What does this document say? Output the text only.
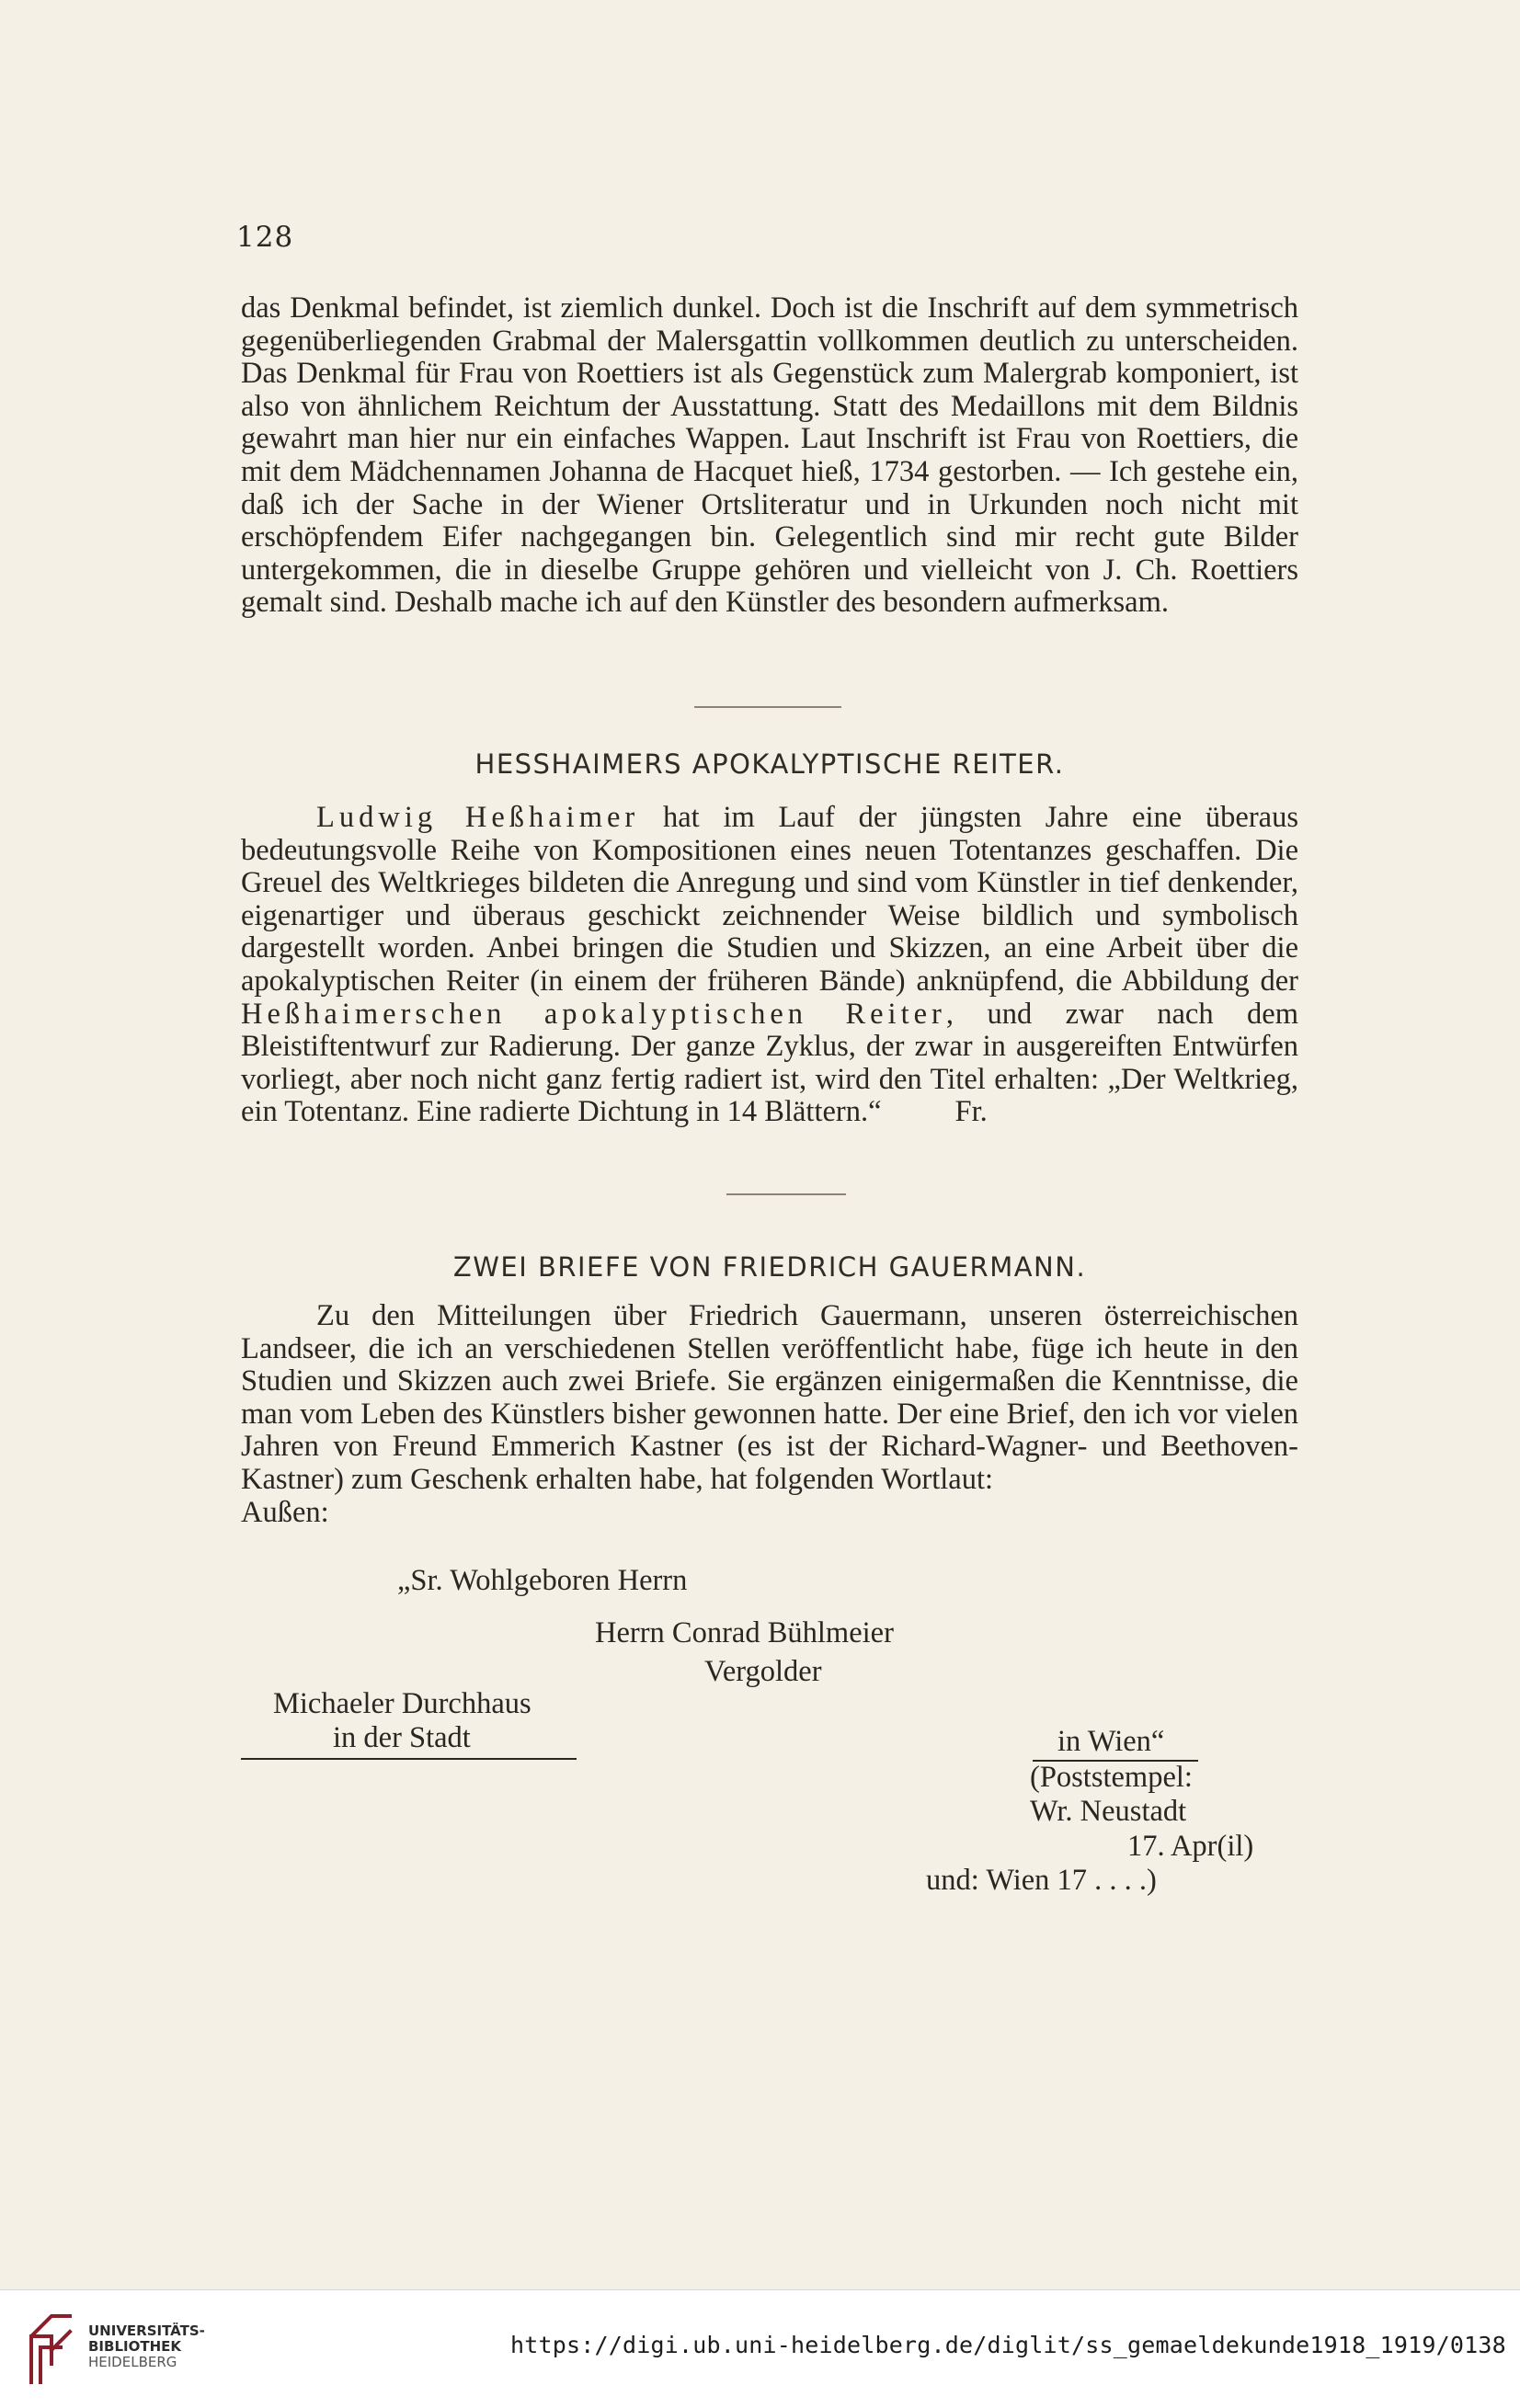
128

das Denkmal befindet, ist ziemlich dunkel. Doch ist die Inschrift auf dem symmetrisch gegenüberliegenden Grabmal der Malersgattin vollkommen deutlich zu unterscheiden. Das Denkmal für Frau von Roettiers ist als Gegenstück zum Malergrab komponiert, ist also von ähnlichem Reichtum der Ausstattung. Statt des Medaillons mit dem Bildnis gewahrt man hier nur ein einfaches Wappen. Laut Inschrift ist Frau von Roettiers, die mit dem Mädchennamen Johanna de Hacquet hieß, 1734 gestorben. — Ich gestehe ein, daß ich der Sache in der Wiener Ortsliteratur und in Urkunden noch nicht mit erschöpfendem Eifer nachgegangen bin. Gelegentlich sind mir recht gute Bilder untergekommen, die in dieselbe Gruppe gehören und vielleicht von J. Ch. Roettiers gemalt sind. Deshalb mache ich auf den Künstler des besondern aufmerksam.

HESSHAIMERS APOKALYPTISCHE REITER.

Ludwig Heßhaimer hat im Lauf der jüngsten Jahre eine überaus bedeutungsvolle Reihe von Kompositionen eines neuen Totentanzes geschaffen. Die Greuel des Weltkrieges bildeten die Anregung und sind vom Künstler in tief denkender, eigenartiger und überaus geschickt zeichnender Weise bildlich und symbolisch dargestellt worden. Anbei bringen die Studien und Skizzen, an eine Arbeit über die apokalyptischen Reiter (in einem der früheren Bände) anknüpfend, die Abbildung der Heßhaimerschen apokalyptischen Reiter, und zwar nach dem Bleistiftentwurf zur Radierung. Der ganze Zyklus, der zwar in ausgereiften Entwürfen vorliegt, aber noch nicht ganz fertig radiert ist, wird den Titel erhalten: „Der Weltkrieg, ein Totentanz. Eine radierte Dichtung in 14 Blättern.“ Fr.

ZWEI BRIEFE VON FRIEDRICH GAUERMANN.

Zu den Mitteilungen über Friedrich Gauermann, unseren österreichischen Landseer, die ich an verschiedenen Stellen veröffentlicht habe, füge ich heute in den Studien und Skizzen auch zwei Briefe. Sie ergänzen einigermaßen die Kenntnisse, die man vom Leben des Künstlers bisher gewonnen hatte. Der eine Brief, den ich vor vielen Jahren von Freund Emmerich Kastner (es ist der Richard-Wagner- und Beethoven-Kastner) zum Geschenk erhalten habe, hat folgenden Wortlaut:

Außen:

„Sr. Wohlgeboren Herrn
Herrn Conrad Bühlmeier
Vergolder
Michaeler Durchhaus
in der Stadt	in Wien“
(Poststempel:
Wr. Neustadt
17. Apr(il)
und: Wien 17 . . . .)
UNIVERSITÄTS-
BIBLIOTHEK
HEIDELBERG
https://digi.ub.uni-heidelberg.de/diglit/ss_gemaeldekunde1918_1919/0138
